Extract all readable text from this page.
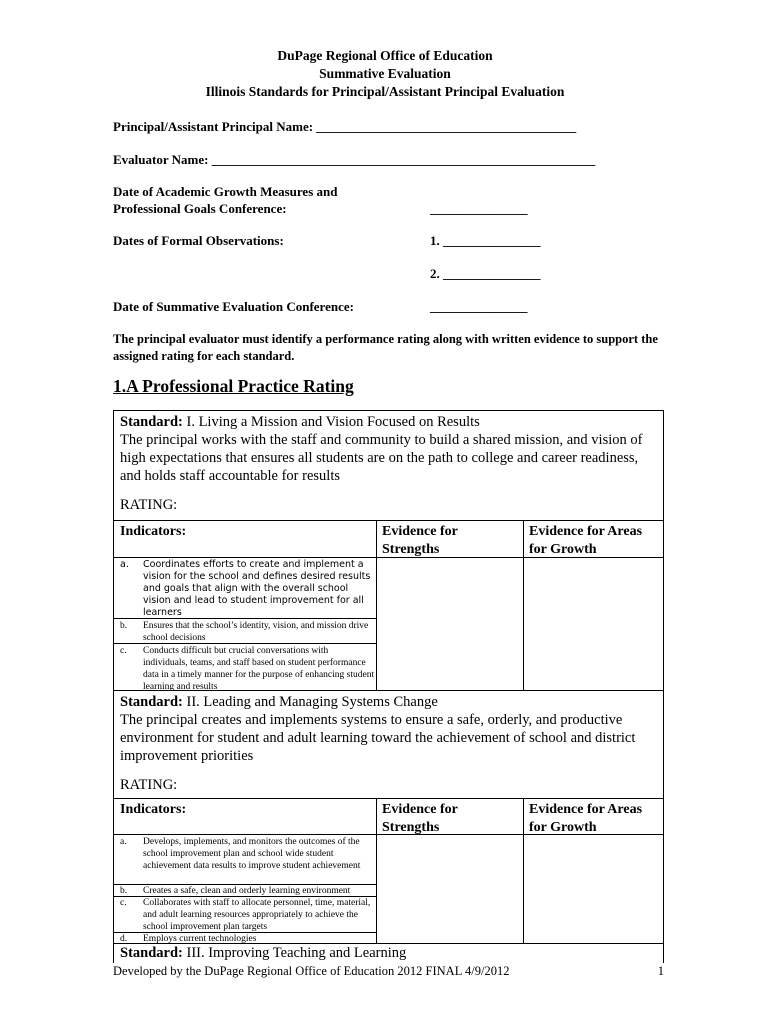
DuPage Regional Office of Education
Summative Evaluation
Illinois Standards for Principal/Assistant Principal Evaluation
Principal/Assistant Principal Name: ________________________________________
Evaluator Name: ___________________________________________________________
Date of Academic Growth Measures and
Professional Goals Conference:	_______________
Dates of Formal Observations:	1. _______________
2. _______________
Date of Summative Evaluation Conference:	_______________
The principal evaluator must identify a performance rating along with written evidence to support the assigned rating for each standard.
1.A Professional Practice Rating
Standard: I. Living a Mission and Vision Focused on Results
The principal works with the staff and community to build a shared mission, and vision of high expectations that ensures all students are on the path to college and career readiness, and holds staff accountable for results
RATING:
Indicators:	Evidence for Strengths
Evidence for Areas for Growth
a. Coordinates efforts to create and implement a vision for the school and defines desired results and goals that align with the overall school vision and lead to student improvement for all learners
b. Ensures that the school’s identity, vision, and mission drive school decisions
c. Conducts difficult but crucial conversations with individuals, teams, and staff based on student performance data in a timely manner for the purpose of enhancing student learning and results
Standard: II. Leading and Managing Systems Change
The principal creates and implements systems to ensure a safe, orderly, and productive environment for student and adult learning toward the achievement of school and district improvement priorities
RATING:
Indicators:	Evidence for Strengths
Evidence for Areas for Growth
a. Develops, implements, and monitors the outcomes of the school improvement plan and school wide student achievement data results to improve student achievement
b. Creates a safe, clean and orderly learning environment
c. Collaborates with staff to allocate personnel, time, material, and adult learning resources appropriately to achieve the school improvement plan targets
d. Employs current technologies
Standard: III. Improving Teaching and Learning
Developed by the DuPage Regional Office of Education 2012 FINAL 4/9/2012	1
